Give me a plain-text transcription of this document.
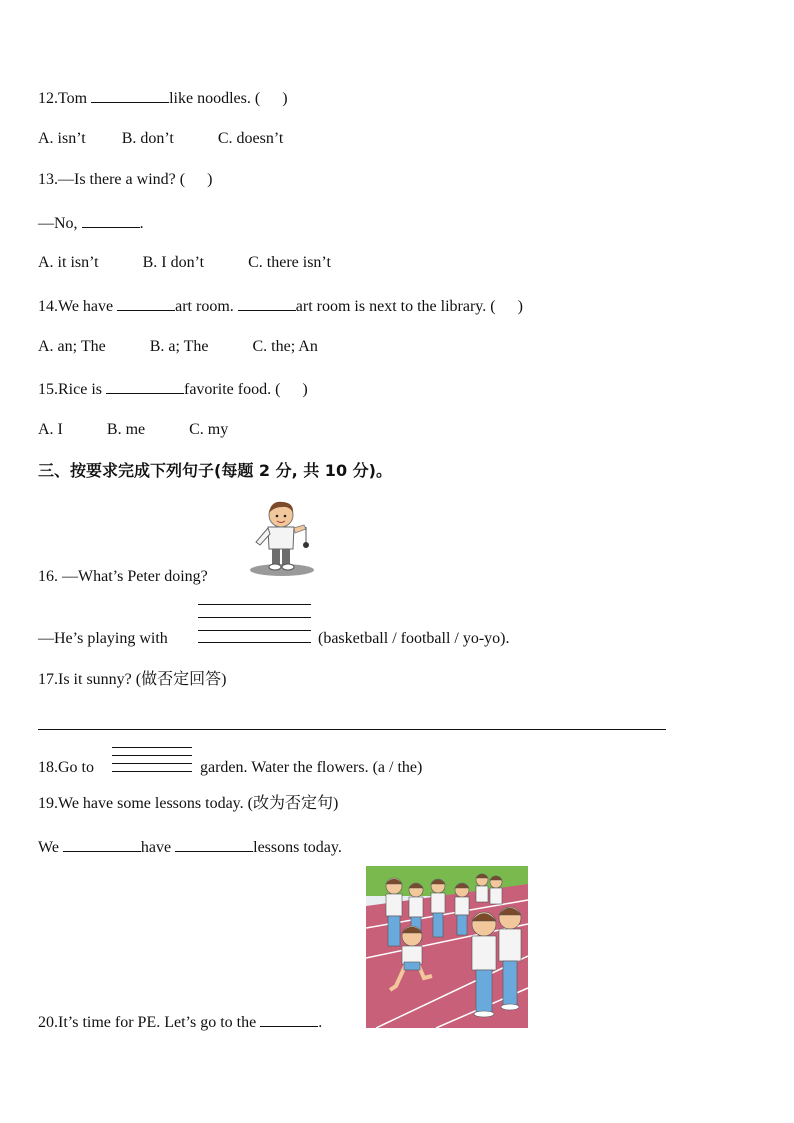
12.Tom	like noodles. ( )
A. isn’t B. don’t	C. doesn’t
13.—Is there a wind? ( )
—No,	.
A. it isn’t	B. I don’t	C. there isn’t
14.We have	art room.	art room is next to the library. ( )
A. an; The	B. a; The	C. the; An
15.Rice is	favorite food. ( )
A. I	B. me	C. my
三、按要求完成下列句子(每题 2 分, 共 10 分)。
16. —What’s Peter doing?
—He’s playing with	(basketball / football / yo-yo).
17.Is it sunny? (做否定回答)
18.Go to	garden. Water the flowers. (a / the)
19.We have some lessons today. (改为否定句)
We	have	lessons today.
20.It’s time for PE. Let’s go to the	.
